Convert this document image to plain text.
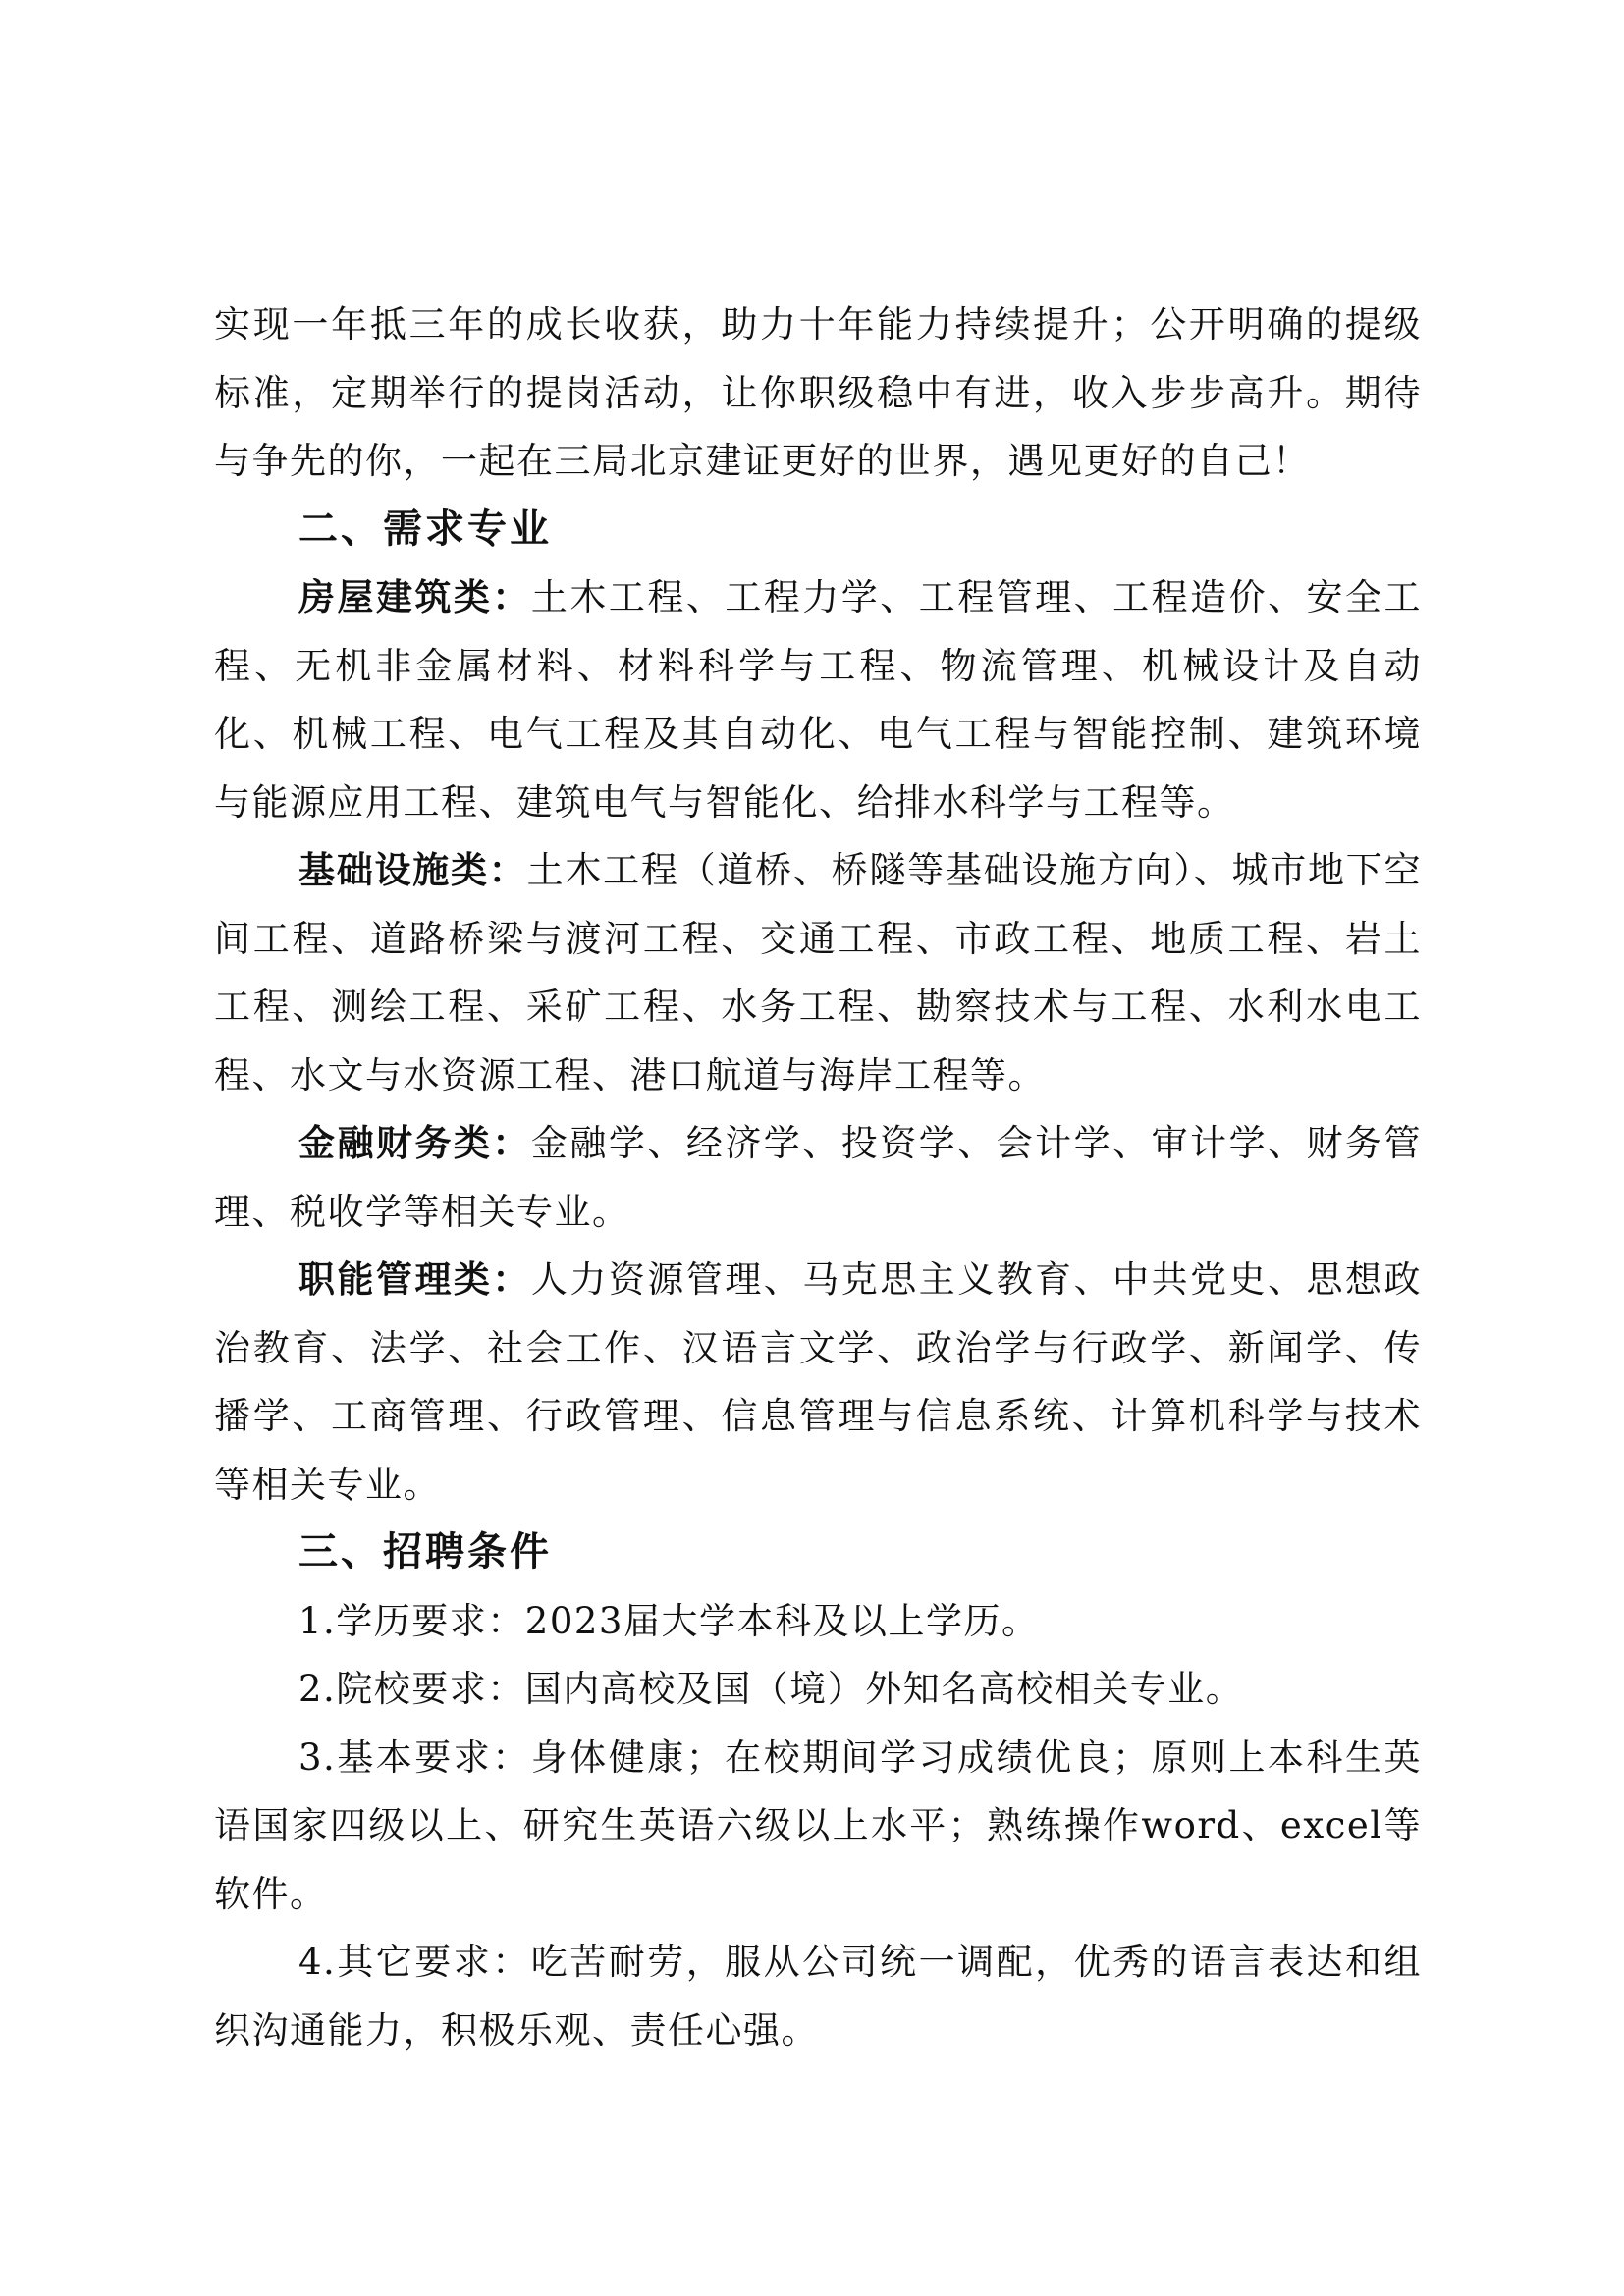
实现一年抵三年的成长收获，助力十年能力持续提升；公开明确的提级标准，定期举行的提岗活动，让你职级稳中有进，收入步步高升。期待与争先的你，一起在三局北京建证更好的世界，遇见更好的自己！

二、需求专业

房屋建筑类：土木工程、工程力学、工程管理、工程造价、安全工程、无机非金属材料、材料科学与工程、物流管理、机械设计及自动化、机械工程、电气工程及其自动化、电气工程与智能控制、建筑环境与能源应用工程、建筑电气与智能化、给排水科学与工程等。

基础设施类：土木工程（道桥、桥隧等基础设施方向）、城市地下空间工程、道路桥梁与渡河工程、交通工程、市政工程、地质工程、岩土工程、测绘工程、采矿工程、水务工程、勘察技术与工程、水利水电工程、水文与水资源工程、港口航道与海岸工程等。

金融财务类：金融学、经济学、投资学、会计学、审计学、财务管理、税收学等相关专业。

职能管理类：人力资源管理、马克思主义教育、中共党史、思想政治教育、法学、社会工作、汉语言文学、政治学与行政学、新闻学、传播学、工商管理、行政管理、信息管理与信息系统、计算机科学与技术等相关专业。

三、招聘条件

1.学历要求：2023届大学本科及以上学历。

2.院校要求：国内高校及国（境）外知名高校相关专业。

3.基本要求：身体健康；在校期间学习成绩优良；原则上本科生英语国家四级以上、研究生英语六级以上水平；熟练操作word、excel等软件。

4.其它要求：吃苦耐劳，服从公司统一调配，优秀的语言表达和组织沟通能力，积极乐观、责任心强。
